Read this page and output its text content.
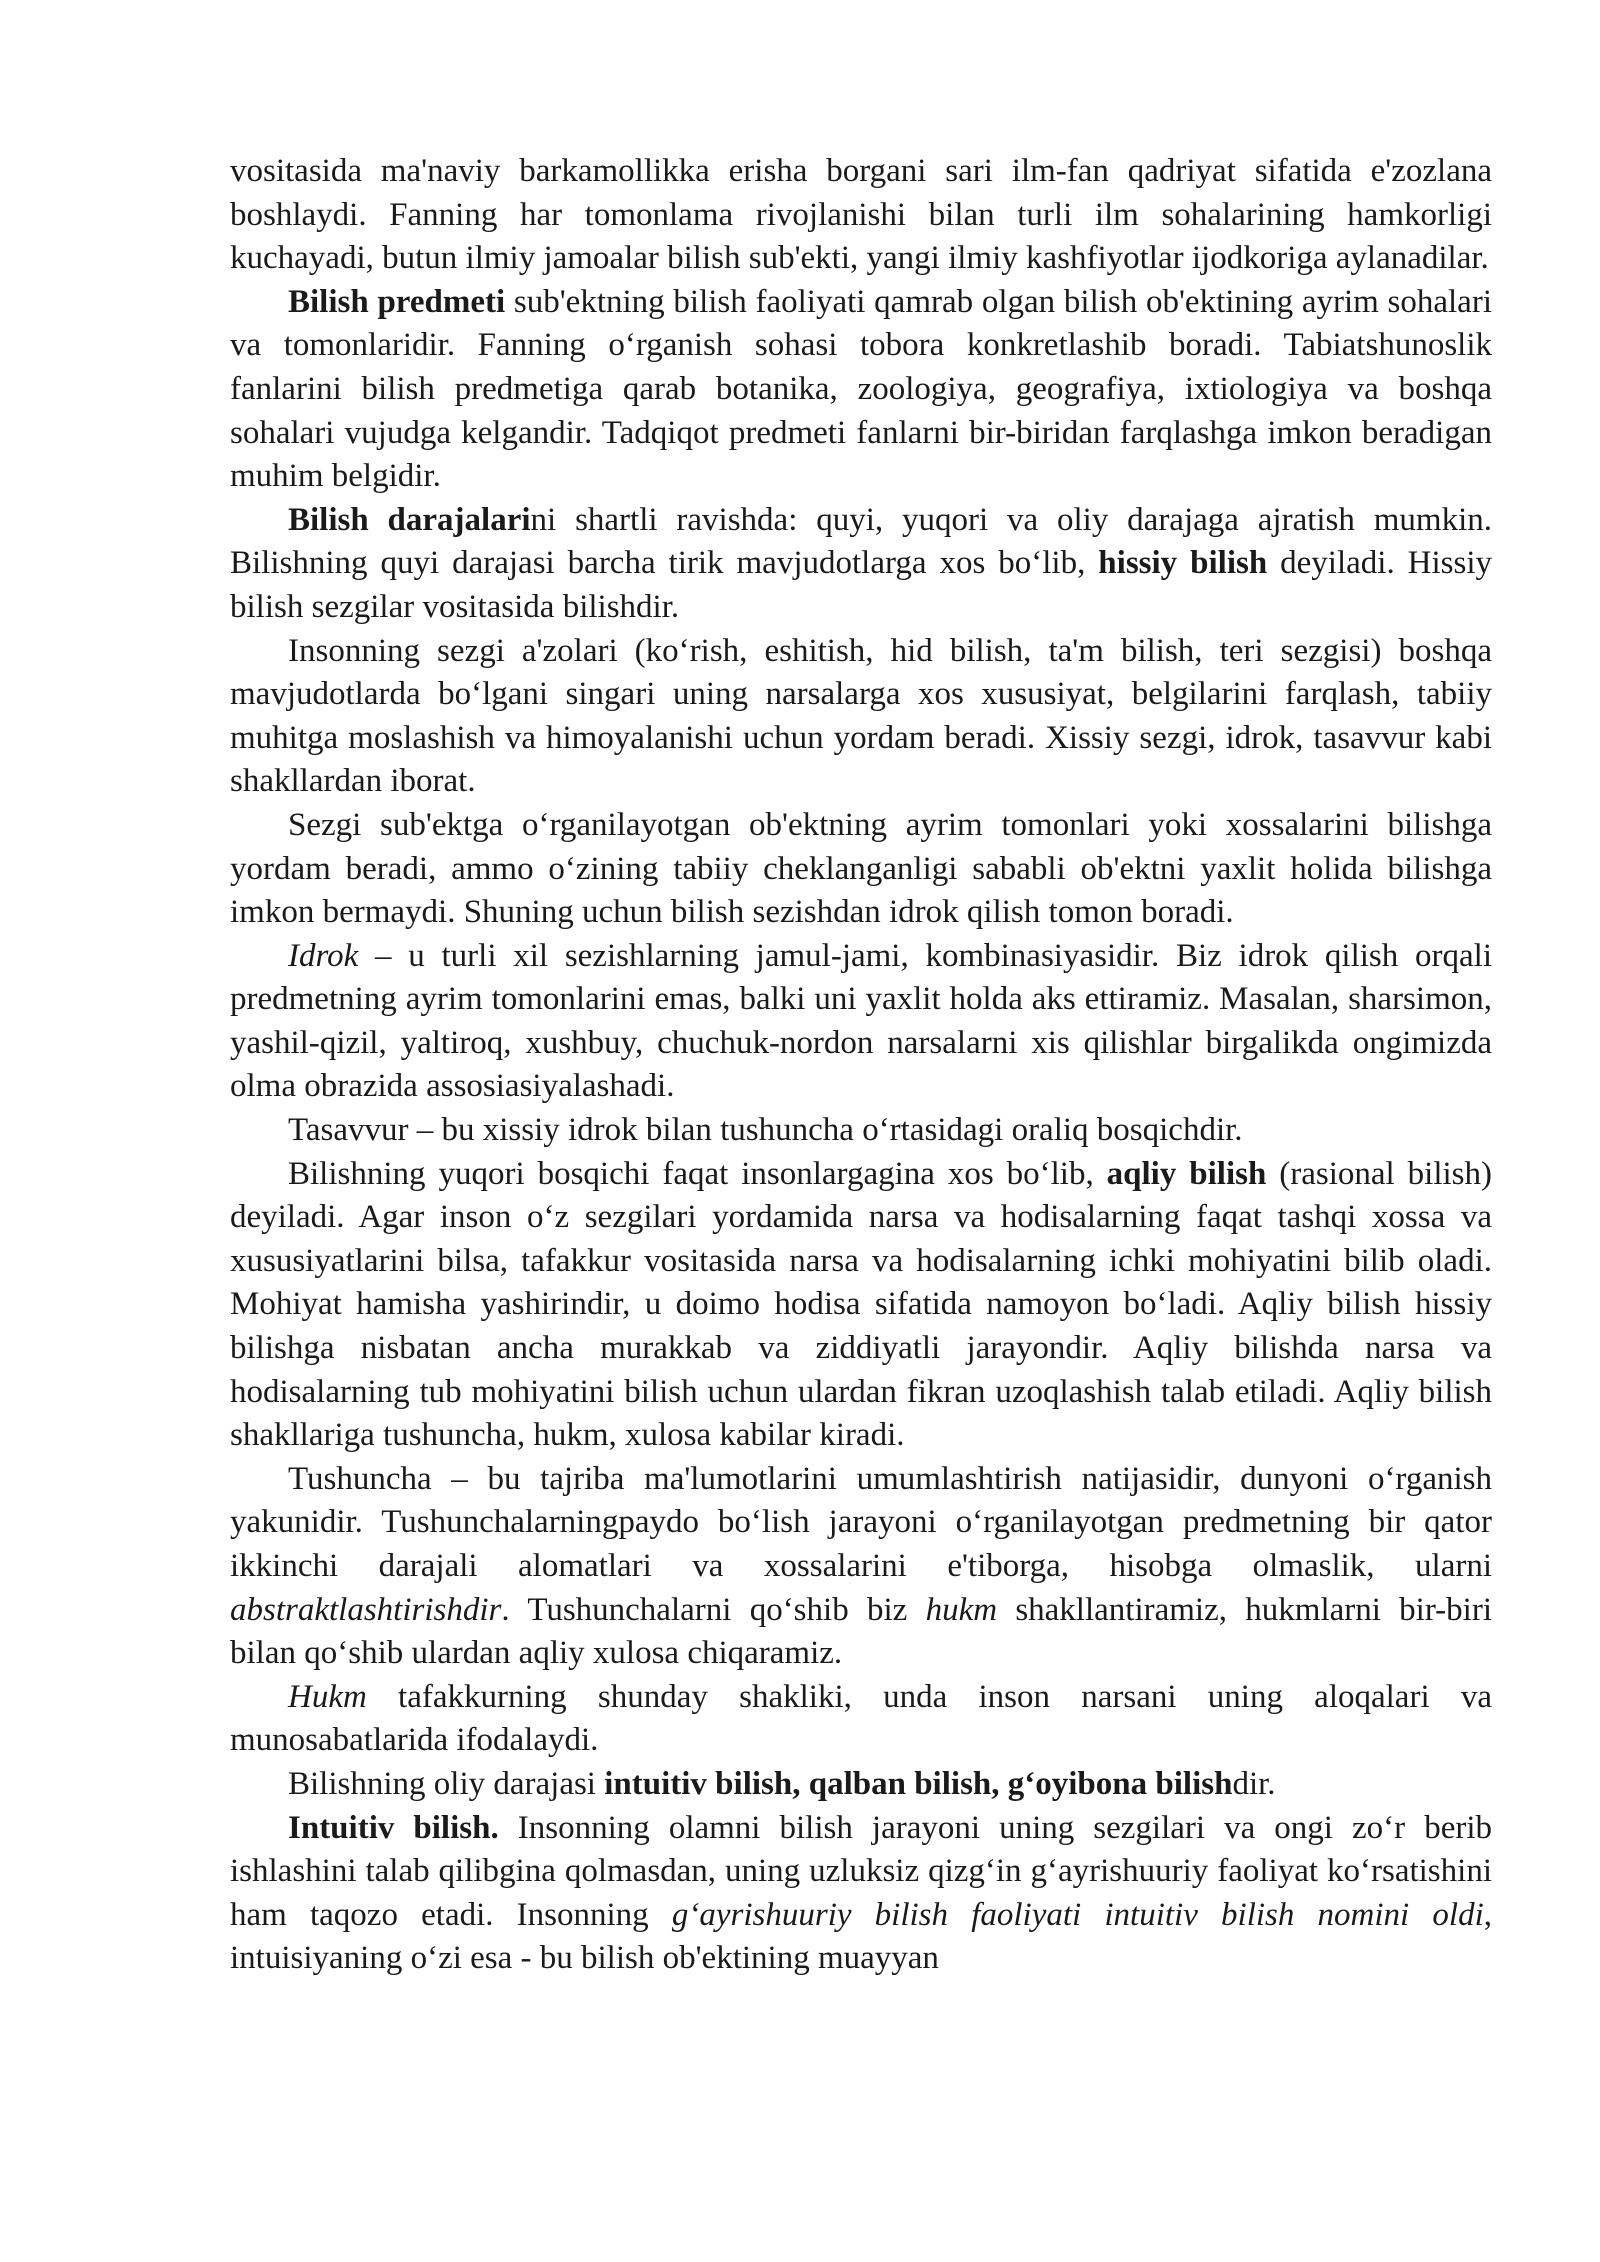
vositasida ma'naviy barkamollikka erisha borgani sari ilm-fan qadriyat sifatida e'zozlana boshlaydi. Fanning har tomonlama rivojlanishi bilan turli ilm sohalarining hamkorligi kuchayadi, butun ilmiy jamoalar bilish sub'ekti, yangi ilmiy kashfiyotlar ijodkoriga aylanadilar.

Bilish predmeti sub'ektning bilish faoliyati qamrab olgan bilish ob'ektining ayrim sohalari va tomonlaridir. Fanning oʻrganish sohasi tobora konkretlashib boradi. Tabiatshunoslik fanlarini bilish predmetiga qarab botanika, zoologiya, geografiya, ixtiologiya va boshqa sohalari vujudga kelgandir. Tadqiqot predmeti fanlarni bir-biridan farqlashga imkon beradigan muhim belgidir.

Bilish darajalarini shartli ravishda: quyi, yuqori va oliy darajaga ajratish mumkin. Bilishning quyi darajasi barcha tirik mavjudotlarga xos boʻlib, hissiy bilish deyiladi. Hissiy bilish sezgilar vositasida bilishdir.

Insonning sezgi a'zolari (koʻrish, eshitish, hid bilish, ta'm bilish, teri sezgisi) boshqa mavjudotlarda boʻlgani singari uning narsalarga xos xususiyat, belgilarini farqlash, tabiiy muhitga moslashish va himoyalanishi uchun yordam beradi. Xissiy sezgi, idrok, tasavvur kabi shakllardan iborat.

Sezgi sub'ektga oʻrganilayotgan ob'ektning ayrim tomonlari yoki xossalarini bilishga yordam beradi, ammo oʻzining tabiiy cheklanganligi sababli ob'ektni yaxlit holida bilishga imkon bermaydi. Shuning uchun bilish sezishdan idrok qilish tomon boradi.

Idrok – u turli xil sezishlarning jamul-jami, kombinasiyasidir. Biz idrok qilish orqali predmetning ayrim tomonlarini emas, balki uni yaxlit holda aks ettiramiz. Masalan, sharsimon, yashil-qizil, yaltiroq, xushbuy, chuchuk-nordon narsalarni xis qilishlar birgalikda ongimizda olma obrazida assosiasiyalashadi.

Tasavvur – bu xissiy idrok bilan tushuncha oʻrtasidagi oraliq bosqichdir.

Bilishning yuqori bosqichi faqat insonlargagina xos boʻlib, aqliy bilish (rasional bilish) deyiladi. Agar inson oʻz sezgilari yordamida narsa va hodisalarning faqat tashqi xossa va xususiyatlarini bilsa, tafakkur vositasida narsa va hodisalarning ichki mohiyatini bilib oladi. Mohiyat hamisha yashirindir, u doimo hodisa sifatida namoyon boʻladi. Aqliy bilish hissiy bilishga nisbatan ancha murakkab va ziddiyatli jarayondir. Aqliy bilishda narsa va hodisalarning tub mohiyatini bilish uchun ulardan fikran uzoqlashish talab etiladi. Aqliy bilish shakllariga tushuncha, hukm, xulosa kabilar kiradi.

Tushuncha – bu tajriba ma'lumotlarini umumlashtirish natijasidir, dunyoni oʻrganish yakunidir. Tushunchalarningpaydo boʻlish jarayoni oʻrganilayotgan predmetning bir qator ikkinchi darajali alomatlari va xossalarini e'tiborga, hisobga olmaslik, ularni abstraktlashtirishdir. Tushunchalarni qoʻshib biz hukm shakllantiramiz, hukmlarni bir-biri bilan qoʻshib ulardan aqliy xulosa chiqaramiz.

Hukm tafakkurning shunday shakliki, unda inson narsani uning aloqalari va munosabatlarida ifodalaydi.

Bilishning oliy darajasi intuitiv bilish, qalban bilish, gʻoyibona bilishdir.

Intuitiv bilish. Insonning olamni bilish jarayoni uning sezgilari va ongi zoʻr berib ishlashini talab qilibgina qolmasdan, uning uzluksiz qizgʻin gʻayrishuuriy faoliyat koʻrsatishini ham taqozo etadi. Insonning gʻayrishuuriy bilish faoliyati intuitiv bilish nomini oldi, intuisiyaning oʻzi esa - bu bilish ob'ektining muayyan
